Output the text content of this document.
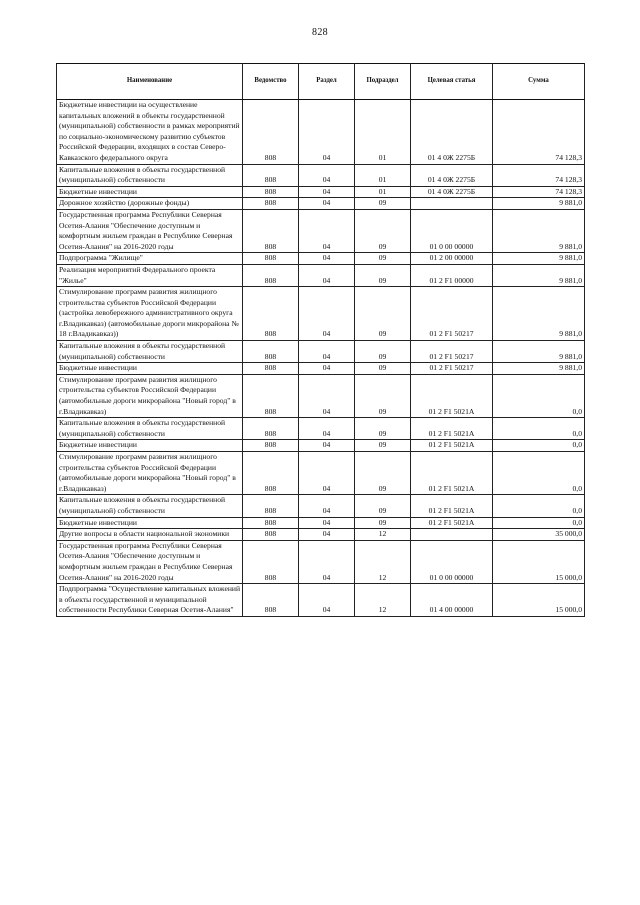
828
Наименование	Ведомство	Раздел	Подраздел	Целевая статья	Сумма
Бюджетные инвестиции на осуществление капитальных вложений в объекты государственной (муниципальной) собственности в рамках мероприятий по социально-экономическому развитию субъектов Российской Федерации, входящих в состав Северо-Кавказского федерального округа	808	04	01	01 4 0Ж 2275Б	74 128,3
Капитальные вложения в объекты государственной (муниципальной) собственности	808	04	01	01 4 0Ж 2275Б	74 128,3
Бюджетные инвестиции	808	04	01	01 4 0Ж 2275Б	74 128,3
Дорожное хозяйство (дорожные фонды)	808	04	09		9 881,0
Государственная программа Республики Северная Осетия-Алания "Обеспечение доступным и комфортным жильем граждан в Республике Северная Осетия-Алания" на 2016-2020 годы	808	04	09	01 0 00 00000	9 881,0
Подпрограмма "Жилище"	808	04	09	01 2 00 00000	9 881,0
Реализация мероприятий Федерального проекта "Жилье"	808	04	09	01 2 F1 00000	9 881,0
Стимулирование программ развития жилищного строительства субъектов Российской Федерации (застройка левобережного административного округа г.Владикавказ) (автомобильные дороги микрорайона № 18 г.Владикавказ))	808	04	09	01 2 F1 50217	9 881,0
Капитальные вложения в объекты государственной (муниципальной) собственности	808	04	09	01 2 F1 50217	9 881,0
Бюджетные инвестиции	808	04	09	01 2 F1 50217	9 881,0
Стимулирование программ развития жилищного строительства субъектов Российской Федерации (автомобильные дороги микрорайона "Новый город" в г.Владикавказ)	808	04	09	01 2 F1 5021А	0,0
Капитальные вложения в объекты государственной (муниципальной) собственности	808	04	09	01 2 F1 5021А	0,0
Бюджетные инвестиции	808	04	09	01 2 F1 5021А	0,0
Стимулирование программ развития жилищного строительства субъектов Российской Федерации (автомобильные дороги микрорайона "Новый город" в г.Владикавказ)	808	04	09	01 2 F1 5021А	0,0
Капитальные вложения в объекты государственной (муниципальной) собственности	808	04	09	01 2 F1 5021А	0,0
Бюджетные инвестиции	808	04	09	01 2 F1 5021А	0,0
Другие вопросы в области национальной экономики	808	04	12		35 000,0
Государственная программа Республики Северная Осетия-Алания "Обеспечение доступным и комфортным жильем граждан в Республике Северная Осетия-Алания" на 2016-2020 годы	808	04	12	01 0 00 00000	15 000,0
Подпрограмма "Осуществление капитальных вложений в объекты государственной и муниципальной собственности Республики Северная Осетия-Алания"	808	04	12	01 4 00 00000	15 000,0
